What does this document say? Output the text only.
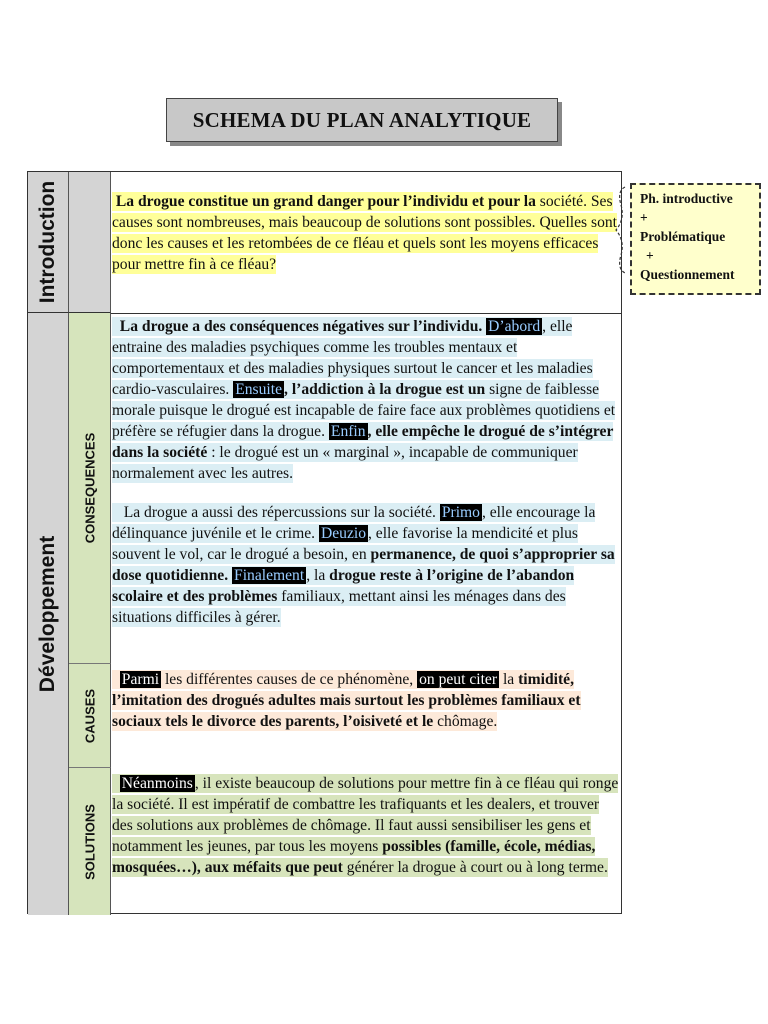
SCHEMA DU PLAN ANALYTIQUE
Introduction
Développement
CONSEQUENCES
CAUSES
SOLUTIONS

La drogue constitue un grand danger pour l’individu et pour la société. Ses causes sont nombreuses, mais beaucoup de solutions sont possibles. Quelles sont donc les causes et les retombées de ce fléau et quels sont les moyens efficaces pour mettre fin à ce fléau?

La drogue a des conséquences négatives sur l’individu. D’abord , elle entraine des maladies psychiques comme les troubles mentaux et comportementaux et des maladies physiques surtout le cancer et les maladies cardio-vasculaires. Ensuite , l’addiction à la drogue est un signe de faiblesse morale puisque le drogué est incapable de faire face aux problèmes quotidiens et préfère se réfugier dans la drogue. Enfin , elle empêche le drogué de s’intégrer dans la société : le drogué est un « marginal », incapable de communiquer normalement avec les autres.

La drogue a aussi des répercussions sur la société. Primo , elle encourage la délinquance juvénile et le crime. Deuzio , elle favorise la mendicité et plus souvent le vol, car le drogué a besoin, en permanence, de quoi s’approprier sa dose quotidienne. Finalement , la drogue reste à l’origine de l’abandon scolaire et des problèmes familiaux, mettant ainsi les ménages dans des situations difficiles à gérer.

Parmi les différentes causes de ce phénomène, on peut citer la timidité, l’imitation des drogués adultes mais surtout les problèmes familiaux et sociaux tels le divorce des parents, l’oisiveté et le chômage.

Néanmoins , il existe beaucoup de solutions pour mettre fin à ce fléau qui ronge la société. Il est impératif de combattre les trafiquants et les dealers, et trouver des solutions aux problèmes de chômage. Il faut aussi sensibiliser les gens et notamment les jeunes, par tous les moyens possibles (famille, école, médias, mosquées…), aux méfaits que peut générer la drogue à court ou à long terme.

Ph. introductive
+
Problématique
+
Questionnement
